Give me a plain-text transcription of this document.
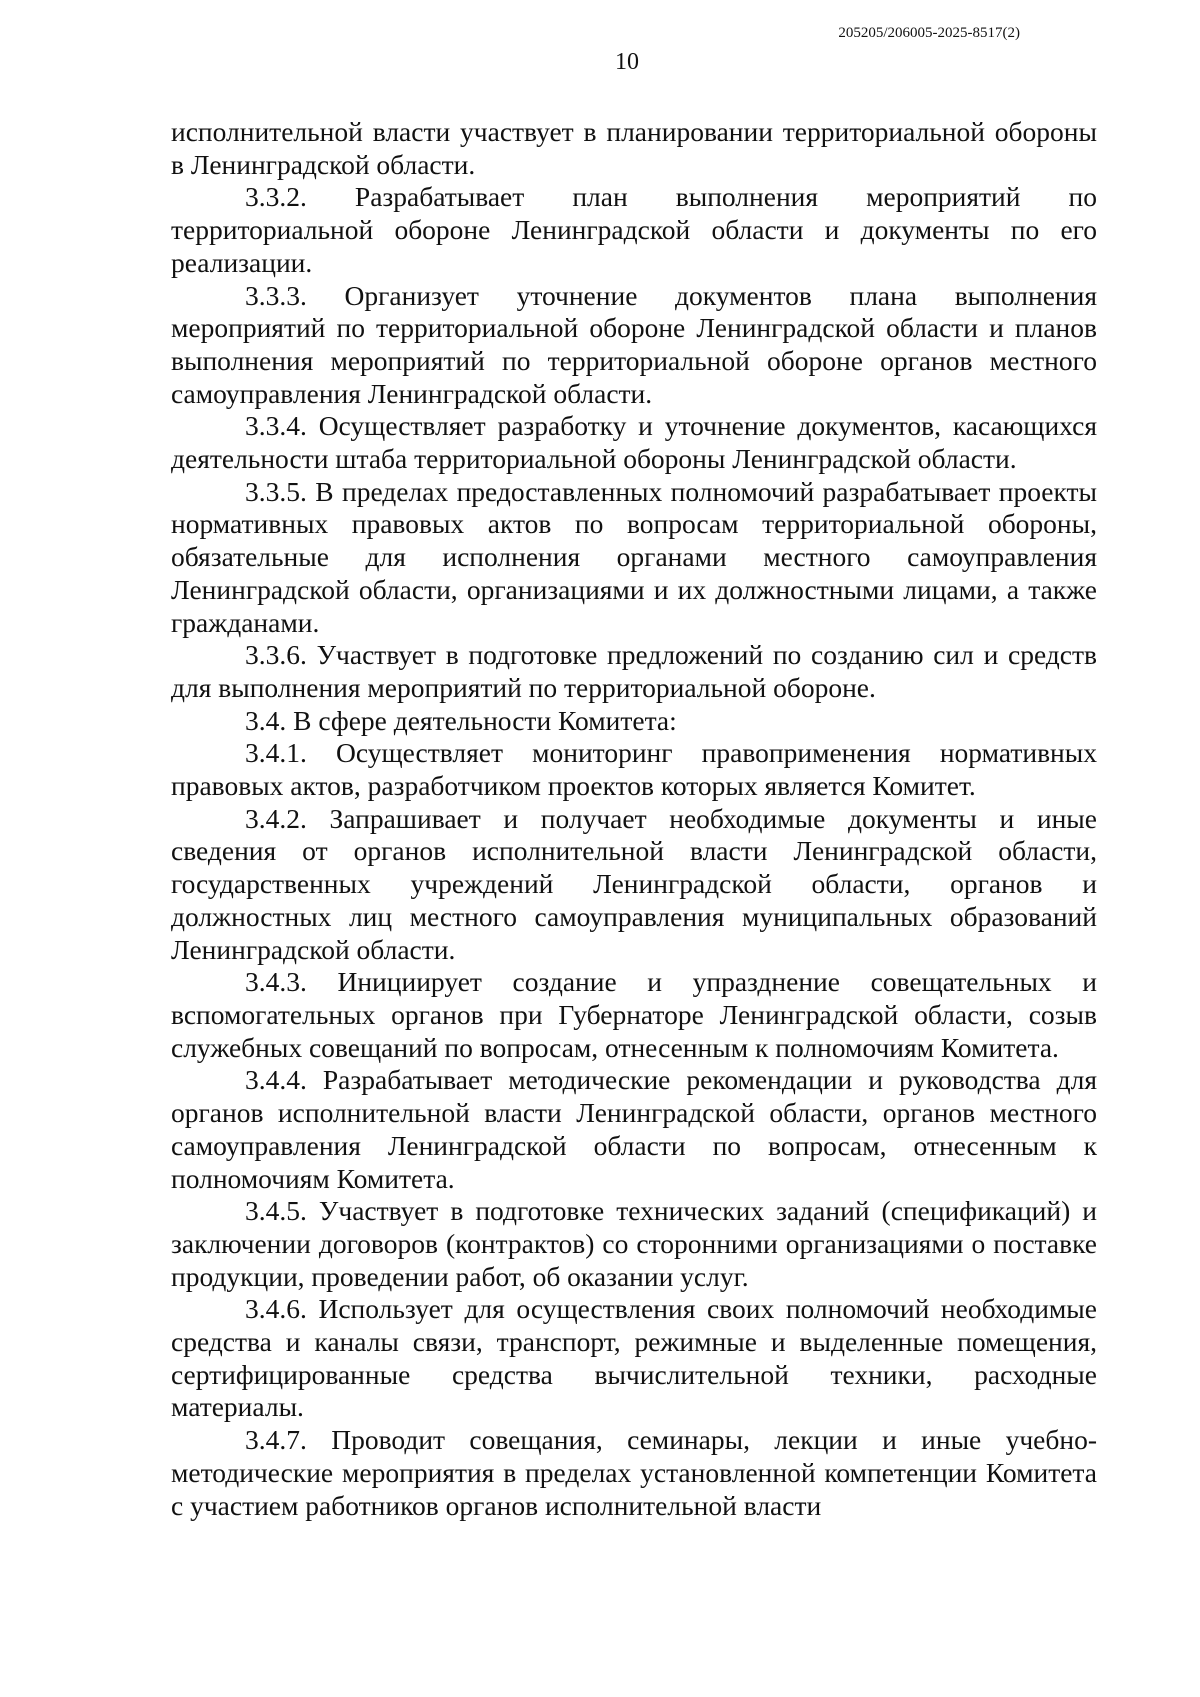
205205/206005-2025-8517(2)
10

исполнительной власти участвует в планировании территориальной обороны в Ленинградской области.

3.3.2. Разрабатывает план выполнения мероприятий по территориальной обороне Ленинградской области и документы по его реализации.

3.3.3. Организует уточнение документов плана выполнения мероприятий по территориальной обороне Ленинградской области и планов выполнения мероприятий по территориальной обороне органов местного самоуправления Ленинградской области.

3.3.4. Осуществляет разработку и уточнение документов, касающихся деятельности штаба территориальной обороны Ленинградской области.

3.3.5. В пределах предоставленных полномочий разрабатывает проекты нормативных правовых актов по вопросам территориальной обороны, обязательные для исполнения органами местного самоуправления Ленинградской области, организациями и их должностными лицами, а также гражданами.

3.3.6. Участвует в подготовке предложений по созданию сил и средств для выполнения мероприятий по территориальной обороне.

3.4. В сфере деятельности Комитета:

3.4.1. Осуществляет мониторинг правоприменения нормативных правовых актов, разработчиком проектов которых является Комитет.

3.4.2. Запрашивает и получает необходимые документы и иные сведения от органов исполнительной власти Ленинградской области, государственных учреждений Ленинградской области, органов и должностных лиц местного самоуправления муниципальных образований Ленинградской области.

3.4.3. Инициирует создание и упразднение совещательных и вспомогательных органов при Губернаторе Ленинградской области, созыв служебных совещаний по вопросам, отнесенным к полномочиям Комитета.

3.4.4. Разрабатывает методические рекомендации и руководства для органов исполнительной власти Ленинградской области, органов местного самоуправления Ленинградской области по вопросам, отнесенным к полномочиям Комитета.

3.4.5. Участвует в подготовке технических заданий (спецификаций) и заключении договоров (контрактов) со сторонними организациями о поставке продукции, проведении работ, об оказании услуг.

3.4.6. Использует для осуществления своих полномочий необходимые средства и каналы связи, транспорт, режимные и выделенные помещения, сертифицированные средства вычислительной техники, расходные материалы.

3.4.7. Проводит совещания, семинары, лекции и иные учебно-методические мероприятия в пределах установленной компетенции Комитета с участием работников органов исполнительной власти
